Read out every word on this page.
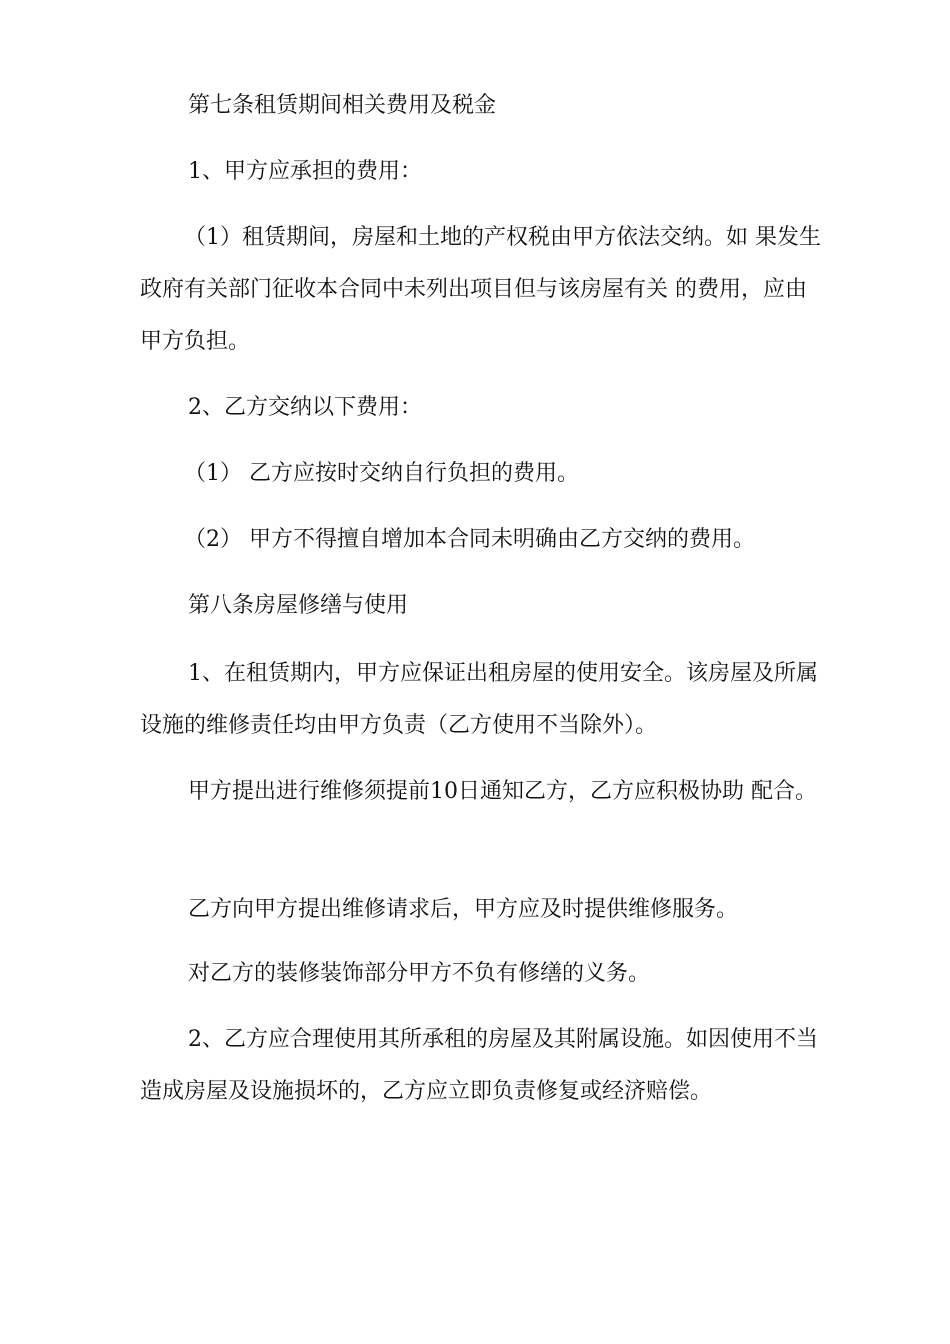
第七条租赁期间相关费用及税金

1、甲方应承担的费用：

（1）租赁期间，房屋和土地的产权税由甲方依法交纳。如 果发生政府有关部门征收本合同中未列出项目但与该房屋有关 的费用，应由甲方负担。

2、乙方交纳以下费用：

（1） 乙方应按时交纳自行负担的费用。

（2） 甲方不得擅自增加本合同未明确由乙方交纳的费用。

第八条房屋修缮与使用

1、在租赁期内，甲方应保证出租房屋的使用安全。该房屋及所属设施的维修责任均由甲方负责（乙方使用不当除外）。

甲方提出进行维修须提前10日通知乙方，乙方应积极协助 配合。

乙方向甲方提出维修请求后，甲方应及时提供维修服务。

对乙方的装修装饰部分甲方不负有修缮的义务。

2、乙方应合理使用其所承租的房屋及其附属设施。如因使用不当造成房屋及设施损坏的，乙方应立即负责修复或经济赔偿。
